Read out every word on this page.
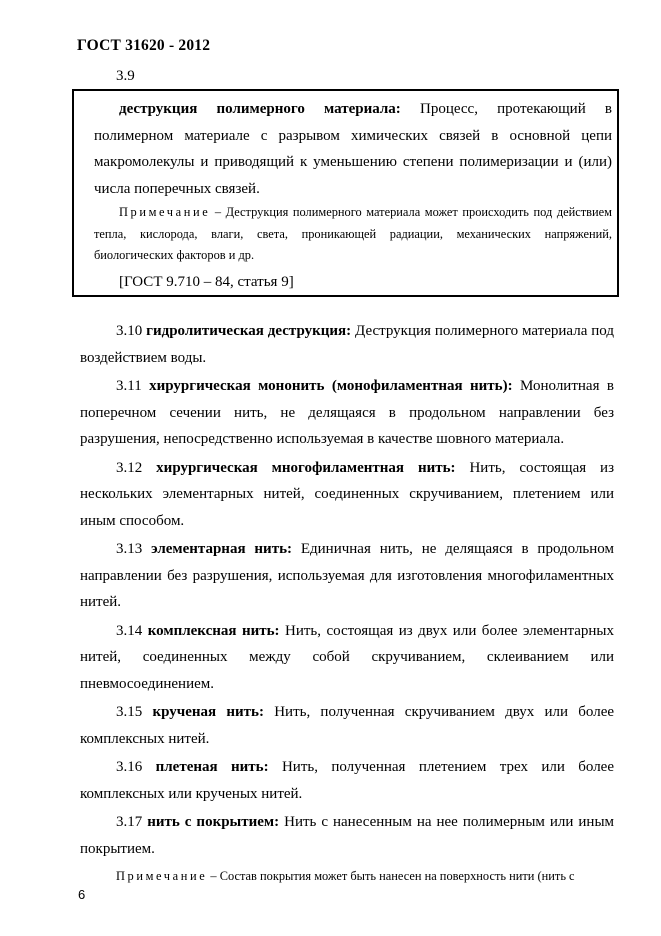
ГОСТ 31620 - 2012
3.9

деструкция полимерного материала: Процесс, протекающий в полимерном материале с разрывом химических связей в основной цепи макромолекулы и приводящий к уменьшению степени полимеризации и (или) числа поперечных связей.

Примечание – Деструкция полимерного материала может происходить под действием тепла, кислорода, влаги, света, проникающей радиации, механических напряжений, биологических факторов и др.

[ГОСТ 9.710 – 84, статья 9]

3.10 гидролитическая деструкция: Деструкция полимерного материала под воздействием воды.

3.11 хирургическая мононить (монофиламентная нить): Монолитная в поперечном сечении нить, не делящаяся в продольном направлении без разрушения, непосредственно используемая в качестве шовного материала.

3.12 хирургическая многофиламентная нить: Нить, состоящая из нескольких элементарных нитей, соединенных скручиванием, плетением или иным способом.

3.13 элементарная нить: Единичная нить, не делящаяся в продольном направлении без разрушения, используемая для изготовления многофиламентных нитей.

3.14 комплексная нить: Нить, состоящая из двух или более элементарных нитей, соединенных между собой скручиванием, склеиванием или пневмосоединением.

3.15 крученая нить: Нить, полученная скручиванием двух или более комплексных нитей.

3.16 плетеная нить: Нить, полученная плетением трех или более комплексных или крученых нитей.

3.17 нить с покрытием: Нить с нанесенным на нее полимерным или иным покрытием.

Примечание – Состав покрытия может быть нанесен на поверхность нити (нить с

6
